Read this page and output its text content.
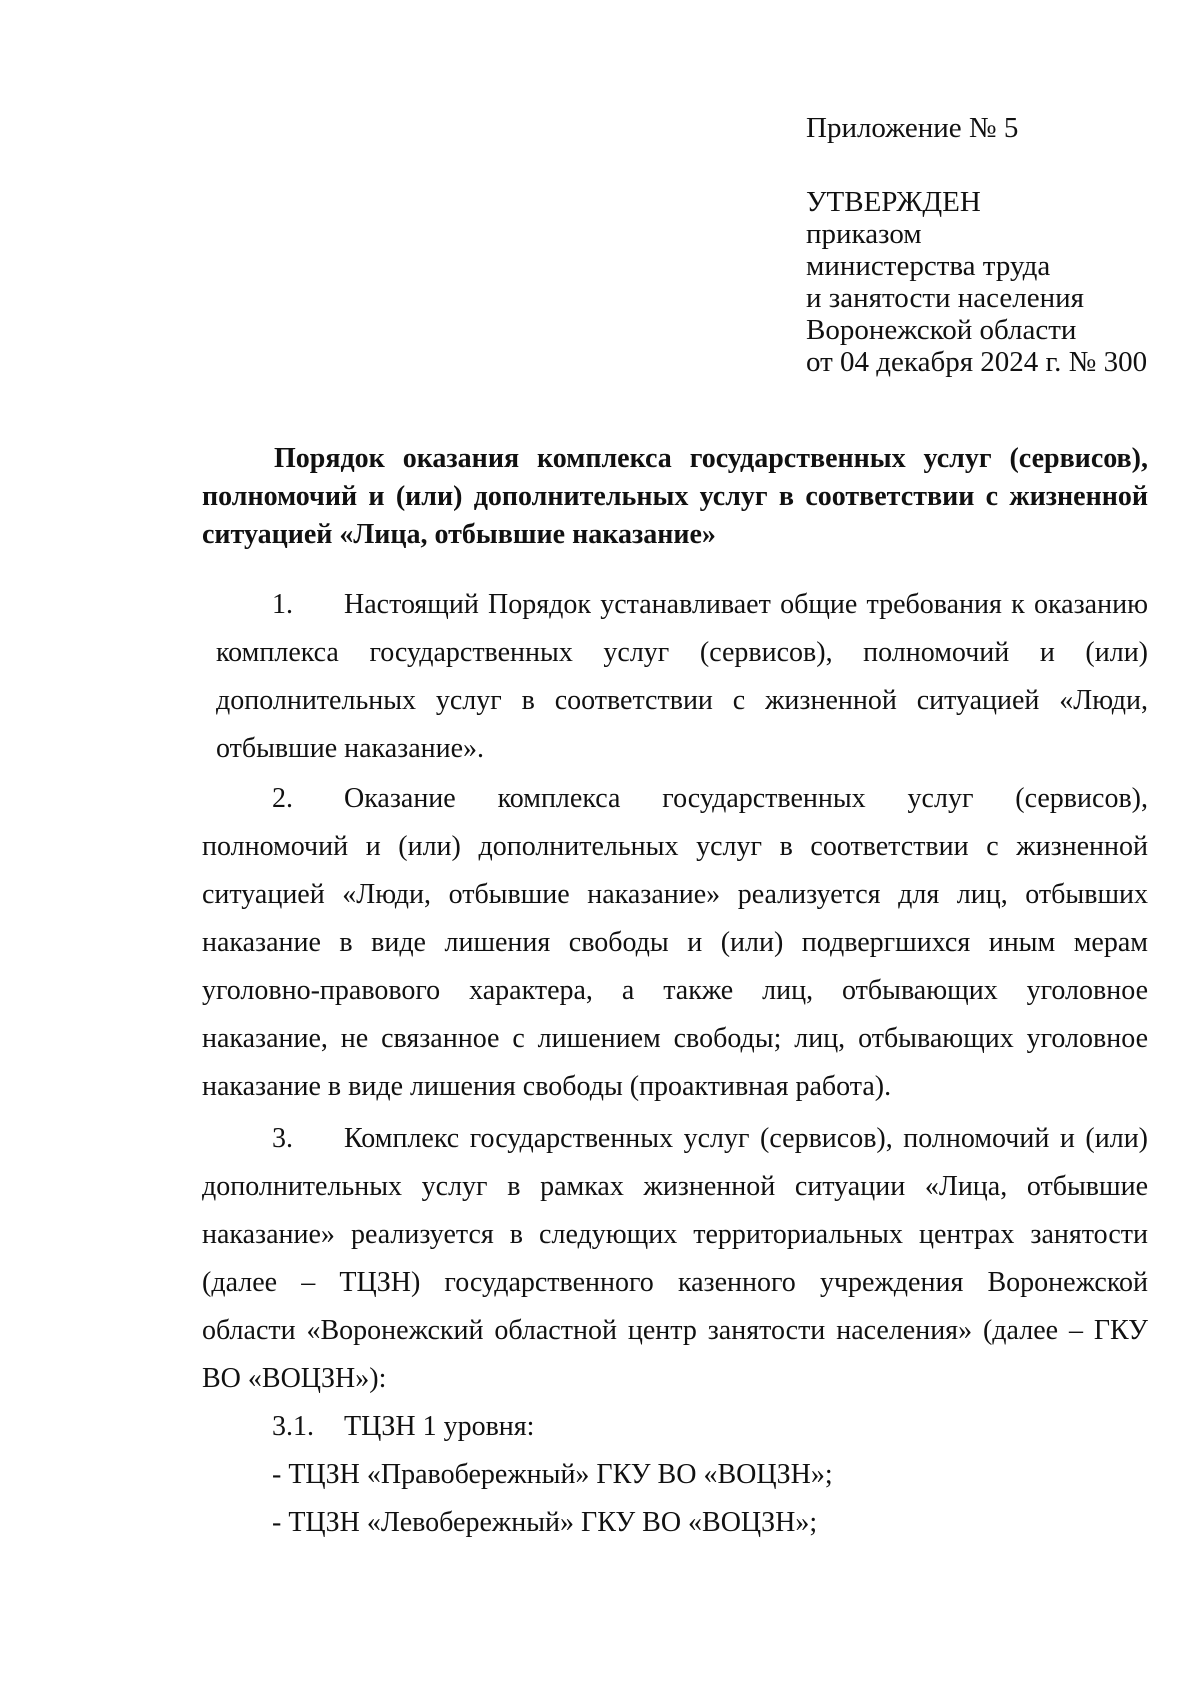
Приложение № 5
УТВЕРЖДЕН
приказом
министерства труда
и занятости населения
Воронежской области
от 04 декабря 2024 г. № 300
Порядок оказания комплекса государственных услуг (сервисов),
полномочий и (или) дополнительных услуг в соответствии с жизненной
ситуацией «Лица, отбывшие наказание»
1. Настоящий Порядок устанавливает общие требования к оказанию
комплекса государственных услуг (сервисов), полномочий и (или)
дополнительных услуг в соответствии с жизненной ситуацией «Люди,
отбывшие наказание».
2. Оказание комплекса государственных услуг (сервисов),
полномочий и (или) дополнительных услуг в соответствии с жизненной
ситуацией «Люди, отбывшие наказание» реализуется для лиц, отбывших
наказание в виде лишения свободы и (или) подвергшихся иным мерам
уголовно-правового характера, а также лиц, отбывающих уголовное
наказание, не связанное с лишением свободы; лиц, отбывающих уголовное
наказание в виде лишения свободы (проактивная работа).
3. Комплекс государственных услуг (сервисов), полномочий и (или)
дополнительных услуг в рамках жизненной ситуации «Лица, отбывшие
наказание» реализуется в следующих территориальных центрах занятости
(далее – ТЦЗН) государственного казенного учреждения Воронежской
области «Воронежский областной центр занятости населения» (далее – ГКУ
ВО «ВОЦЗН»):
3.1. ТЦЗН 1 уровня:
- ТЦЗН «Правобережный» ГКУ ВО «ВОЦЗН»;
- ТЦЗН «Левобережный» ГКУ ВО «ВОЦЗН»;
